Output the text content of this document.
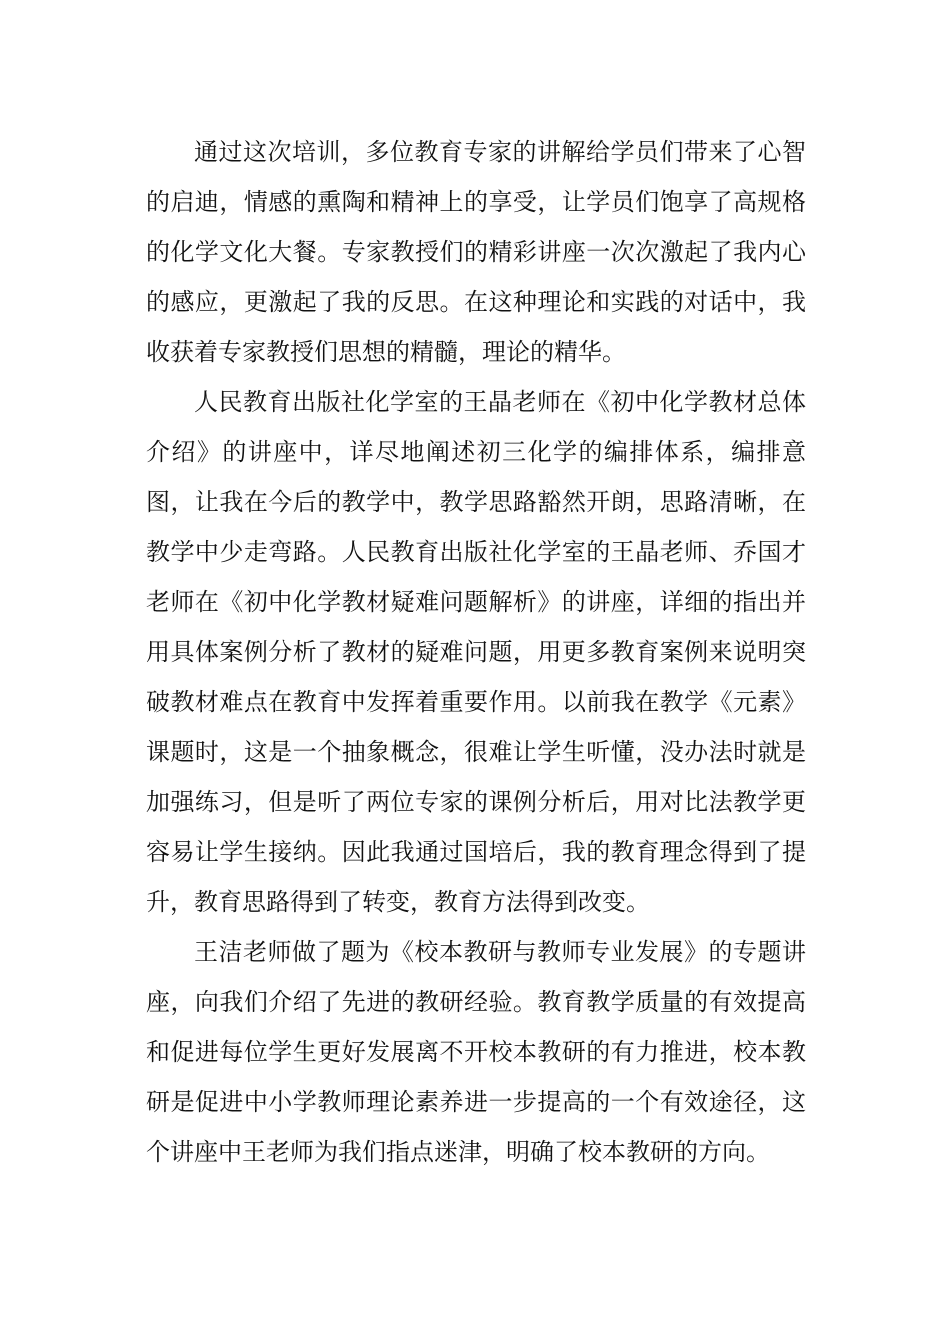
通过这次培训，多位教育专家的讲解给学员们带来了心智的启迪，情感的熏陶和精神上的享受，让学员们饱享了高规格的化学文化大餐。专家教授们的精彩讲座一次次激起了我内心的感应，更激起了我的反思。在这种理论和实践的对话中，我收获着专家教授们思想的精髓，理论的精华。

人民教育出版社化学室的王晶老师在《初中化学教材总体介绍》的讲座中，详尽地阐述初三化学的编排体系，编排意图，让我在今后的教学中，教学思路豁然开朗，思路清晰，在教学中少走弯路。人民教育出版社化学室的王晶老师、乔国才老师在《初中化学教材疑难问题解析》的讲座，详细的指出并用具体案例分析了教材的疑难问题，用更多教育案例来说明突破教材难点在教育中发挥着重要作用。以前我在教学《元素》课题时，这是一个抽象概念，很难让学生听懂，没办法时就是加强练习，但是听了两位专家的课例分析后，用对比法教学更容易让学生接纳。因此我通过国培后，我的教育理念得到了提升，教育思路得到了转变，教育方法得到改变。

王洁老师做了题为《校本教研与教师专业发展》的专题讲座，向我们介绍了先进的教研经验。教育教学质量的有效提高和促进每位学生更好发展离不开校本教研的有力推进，校本教研是促进中小学教师理论素养进一步提高的一个有效途径，这个讲座中王老师为我们指点迷津，明确了校本教研的方向。
